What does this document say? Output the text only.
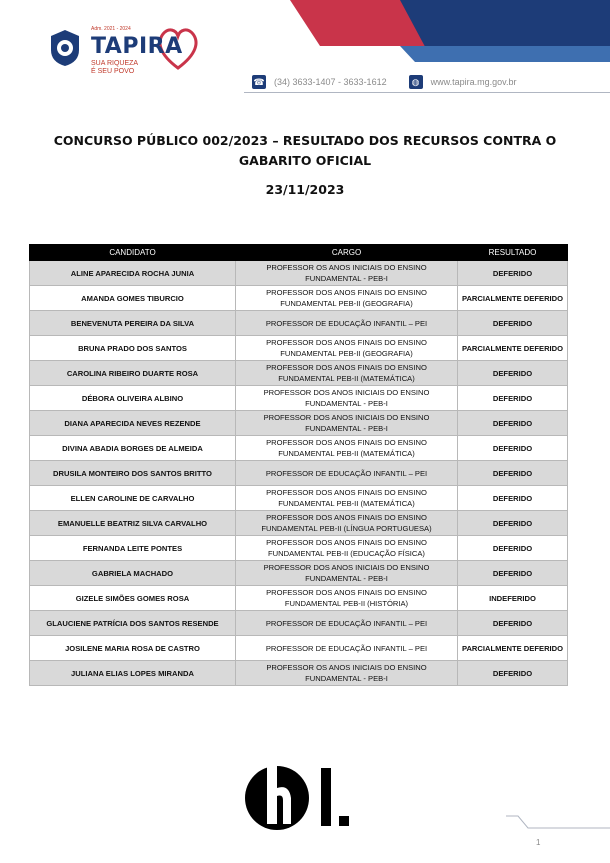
Adm. 2021 - 2024
TAPIRA
SUA RIQUEZA
É SEU POVO
☎ (34) 3633-1407 - 3633-1612	◍	www.tapira.mg.gov.br
CONCURSO PÚBLICO 002/2023 – RESULTADO DOS RECURSOS CONTRA O GABARITO OFICIAL
23/11/2023
CANDIDATO	CARGO	RESULTADO
ALINE APARECIDA ROCHA JUNIA	PROFESSOR OS ANOS INICIAIS DO ENSINO FUNDAMENTAL - PEB-I	DEFERIDO
AMANDA GOMES TIBURCIO	PROFESSOR DOS ANOS FINAIS DO ENSINO FUNDAMENTAL PEB-II (GEOGRAFIA)	PARCIALMENTE DEFERIDO
BENEVENUTA PEREIRA DA SILVA	PROFESSOR DE EDUCAÇÃO INFANTIL – PEI	DEFERIDO
BRUNA PRADO DOS SANTOS	PROFESSOR DOS ANOS FINAIS DO ENSINO FUNDAMENTAL PEB-II (GEOGRAFIA)	PARCIALMENTE DEFERIDO
CAROLINA RIBEIRO DUARTE ROSA	PROFESSOR DOS ANOS FINAIS DO ENSINO FUNDAMENTAL PEB-II (MATEMÁTICA)	DEFERIDO
DÉBORA OLIVEIRA ALBINO	PROFESSOR DOS ANOS INICIAIS DO ENSINO FUNDAMENTAL - PEB-I	DEFERIDO
DIANA APARECIDA NEVES REZENDE	PROFESSOR DOS ANOS INICIAIS DO ENSINO FUNDAMENTAL - PEB-I	DEFERIDO
DIVINA ABADIA BORGES DE ALMEIDA	PROFESSOR DOS ANOS FINAIS DO ENSINO FUNDAMENTAL PEB-II (MATEMÁTICA)	DEFERIDO
DRUSILA MONTEIRO DOS SANTOS BRITTO	PROFESSOR DE EDUCAÇÃO INFANTIL – PEI	DEFERIDO
ELLEN CAROLINE DE CARVALHO	PROFESSOR DOS ANOS FINAIS DO ENSINO FUNDAMENTAL PEB-II (MATEMÁTICA)	DEFERIDO
EMANUELLE BEATRIZ SILVA CARVALHO	PROFESSOR DOS ANOS FINAIS DO ENSINO FUNDAMENTAL PEB-II (LÍNGUA PORTUGUESA)	DEFERIDO
FERNANDA LEITE PONTES	PROFESSOR DOS ANOS FINAIS DO ENSINO FUNDAMENTAL PEB-II (EDUCAÇÃO FÍSICA)	DEFERIDO
GABRIELA MACHADO	PROFESSOR DOS ANOS INICIAIS DO ENSINO FUNDAMENTAL - PEB-I	DEFERIDO
GIZELE SIMÕES GOMES ROSA	PROFESSOR DOS ANOS FINAIS DO ENSINO FUNDAMENTAL PEB-II (HISTÓRIA)	INDEFERIDO
GLAUCIENE PATRÍCIA DOS SANTOS RESENDE	PROFESSOR DE EDUCAÇÃO INFANTIL – PEI	DEFERIDO
JOSILENE MARIA ROSA DE CASTRO	PROFESSOR DE EDUCAÇÃO INFANTIL – PEI	PARCIALMENTE DEFERIDO
JULIANA ELIAS LOPES MIRANDA	PROFESSOR OS ANOS INICIAIS DO ENSINO FUNDAMENTAL - PEB-I	DEFERIDO
1
